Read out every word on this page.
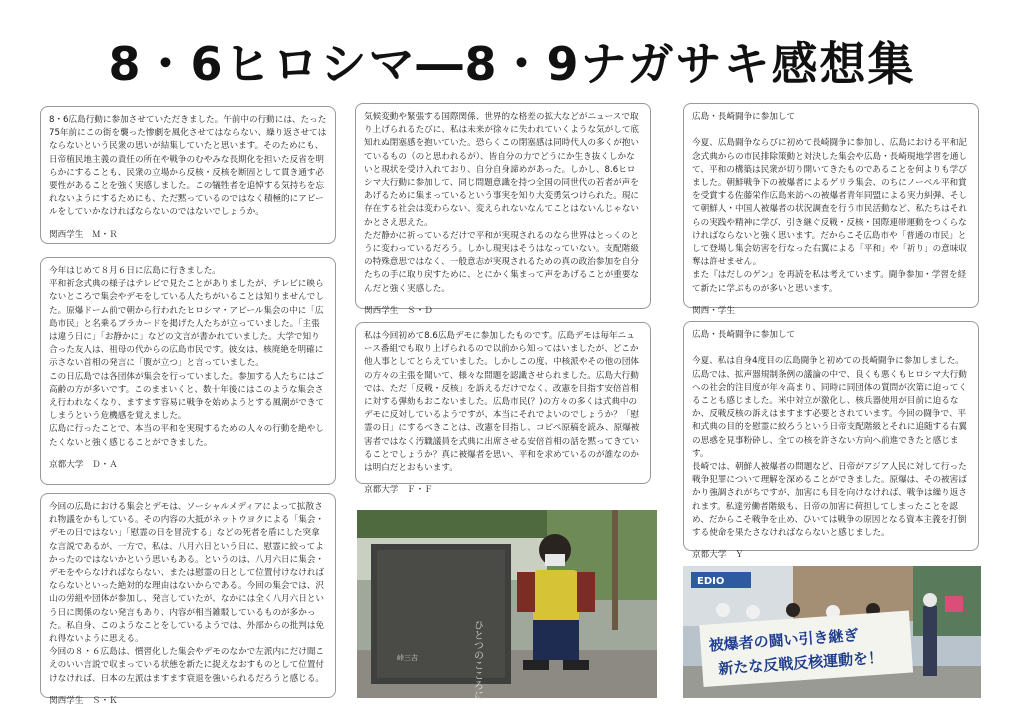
8・6ヒロシマ―8・9ナガサキ感想集
8・6広島行動に参加させていただきました。午前中の行動には、たった75年前にこの街を襲った惨劇を風化させてはならない、繰り返させてはならないという民衆の思いが結集していたと思います。そのためにも、日帝植民地主義の責任の所在や戦争のむやみな長期化を担いた反省を明らかにすることも、民衆の立場から反核・反核を断固として貫き通す必要性があることを強く実感しました。この犠牲者を追悼する気持ちを忘れないようにするためにも、ただ黙っているのではなく積極的にアピールをしていかなければならないのではないでしょうか。
関西学生　Ｍ・Ｒ
今年はじめて８月６日に広島に行きました。
平和祈念式典の様子はテレビで見たことがありましたが、テレビに映らないところで集会やデモをしている人たちがいることは知りませんでした。原爆ドーム前で朝から行われたヒロシマ・アピール集会の中に「広島市民」と名乗るプラカードを掲げた人たちが立っていました。「主張は違う日に」「お静かに」などの文言が書かれていました。大学で知り合った友人は、祖母の代からの広島市民です。彼女は、核廃絶を明確に示さない首相の発言に「腹が立つ」と言っていました。
この日広島では各団体が集会を行っていました。参加する人たちにはご高齢の方が多いです。このままいくと、数十年後にはこのような集会さえ行われなくなり、ますます容易に戦争を始めようとする風潮ができてしまうという危機感を覚えました。
広島に行ったことで、本当の平和を実現するための人々の行動を絶やしたくないと強く感じることができました。
京都大学　Ｄ・Ａ
今回の広島における集会とデモは、ソーシャルメディアによって拡散され物議をかもしている。その内容の大抵がネットウヨクによる「集会・デモの日ではない」「慰霊の日を冒涜する」などの死者を盾にした突拿な言説であるが、一方で、私は、八月六日という日に、慰霊に絞ってよかったのではないかという思いもある。というのは、八月六日に集会・デモをやらなければならない、または慰霊の日として位置付けなければならないといった絶対的な理由はないからである。今回の集会では、沢山の労組や団体が参加し、発言していたが、なかには全く八月六日という日に関係のない発言もあり、内容が相当雑駁しているものが多かった。私自身、このようなことをしているようでは、外部からの批判は免れ得ないように思える。
今回の８・６広島は、慣習化した集会やデモのなかで左派内にだけ聞こえのいい言説で収まっている状態を新たに捉えなおすものとして位置付けなければ、日本の左派はますます衰退を強いられるだろうと感じる。
関西学生　Ｓ・Ｋ
気候変動や緊張する国際関係、世界的な格差の拡大などがニュースで取り上げられるたびに、私は未来が徐々に失われていくような気がして底知れぬ閉塞感を抱いていた。恐らくこの閉塞感は同時代人の多くが抱いているもの（のと思われるが）、皆自分の力でどうにか生き抜くしかないと現状を受け入れており、自分自身諦めがあった。しかし、8.6ヒロシマ大行動に参加して、同じ問題意識を持つ全国の同世代の若者が声をあげるために集まっているという事実を知り大変勇気つけられた。現に存在する社会は変わらない、変えられないなんてことはないんじゃないかとさえ思えた。
ただ静かに祈っているだけで平和が実現されるのなら世界はとっくのとうに変わっているだろう。しかし現実はそうはなっていない。支配階級の特殊意思ではなく、一般意志が実現されるための真の政治参加を自分たちの手に取り戻すために、とにかく集まって声をあげることが重要なんだと強く実感した。
関西学生　Ｓ・Ｄ
私は今回初めて8.6広島デモに参加したものです。広島デモは毎年ニュース番組でも取り上げられるので以前から知ってはいましたが、どこか他人事としてとらえていました。しかしこの度、中核派やその他の団体の方々の主張を聞いて、様々な問題を認識させられました。広島大行動では、ただ「反戦・反核」を訴えるだけでなく、改憲を目指す安倍首相に対する弾劾もおこないました。広島市民(？)の方々の多くは式典中のデモに反対しているようですが、本当にそれでよいのでしょうか？「慰霊の日」にするべきことは、改憲を目指し、コピペ原稿を読み、原爆被害者ではなく汚職議員を式典に出席させる安倍首相の話を黙ってきていることでしょうか？真に被爆者を思い、平和を求めているのが誰なのかは明白だとおもいます。
京都大学　Ｆ・Ｆ
ひとつのこころに
峠三吉
広島・長崎闘争に参加して

今夏、広島闘争ならびに初めて長崎闘争に参加し、広島における平和記念式典からの市民排除策動と対決した集会や広島・長崎現地学習を通して、平和の構築は民衆が切り開いてきたものであることを何よりも学びました。朝鮮戦争下の被爆者によるゲリラ集会、のちにノーベル平和賞を受賞する佐藤栄作広島来訪への被爆者青年同盟による実力糾弾、そして朝鮮人・中国人被爆者の状況調査を行う市民活動など、私たちはそれらの実践や精神に学び、引き継ぐ反戦・反核・国際連帯運動をつくらなければならないと強く思います。だからこそ広島市や「普通の市民」として登場し集会妨害を行なった右翼による「平和」や「祈り」の意味収奪は許せません。
また『はだしのゲン』を再読を私は考えています。闘争参加・学習を経て新たに学ぶものが多いと思います。
関西・学生
広島・長崎闘争に参加して

今夏、私は自身4度目の広島闘争と初めての長崎闘争に参加しました。広島では、拡声器規制条例の議論の中で、良くも悪くもヒロシマ大行動への社会的注目度が年々高まり、同時に同団体の質問が次第に迫ってくることも感じました。米中対立が激化し、核兵器使用が目前に迫るなか、反戦反核の訴えはますます必要とされています。今回の闘争で、平和式典の目的を慰霊に絞ろうという日帝支配階級とそれに追随する右翼の思惑を見事粉砕し、全ての核を許さない方向へ前進できたと感じます。
長崎では、朝鮮人被爆者の問題など、日帝がアジア人民に対して行った戦争犯罪について理解を深めることができました。原爆は、その被害ばかり強調されがちですが、加害にも目を向けなければ、戦争は繰り返されます。私達労働者階級も、日帝の加害に荷担してしまったことを認め、だからこそ戦争を止め、ひいては戦争の原因となる資本主義を打倒する使命を果たさなければならないと感じました。
京都大学　Ｙ
EDIO
被爆者の闘い引き継ぎ
新たな反戦反核運動を！
